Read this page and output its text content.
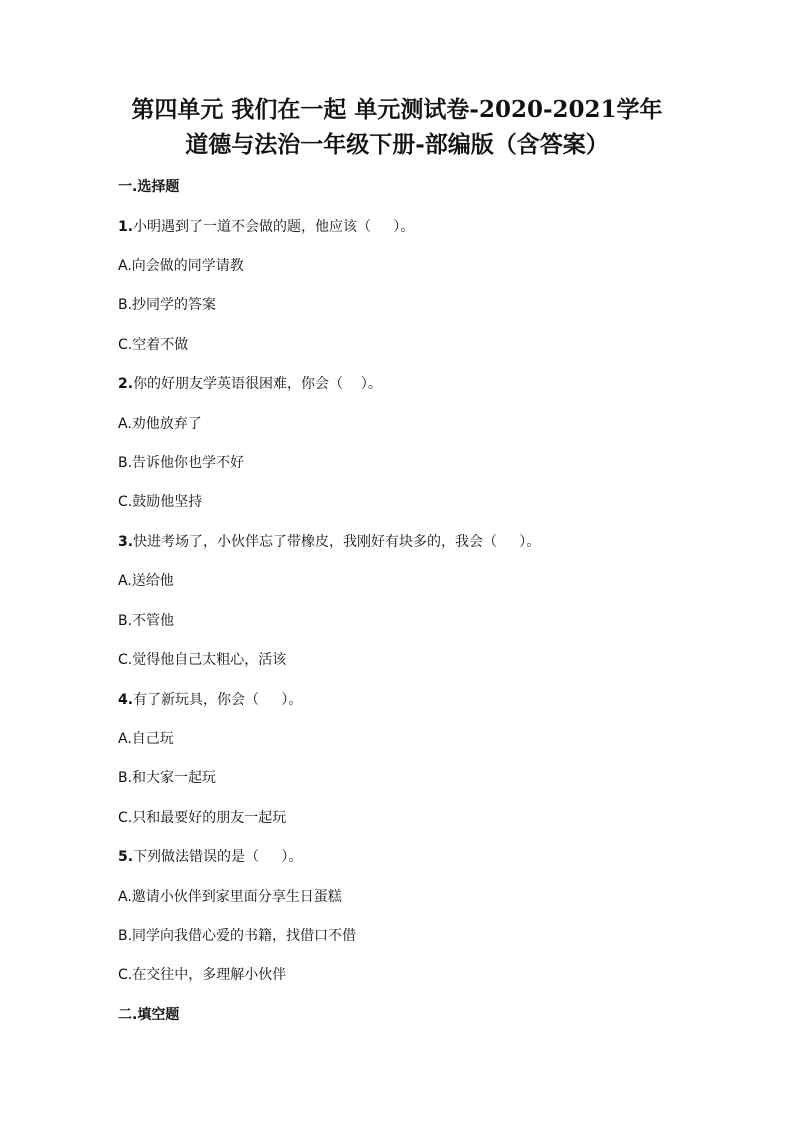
第四单元 我们在一起 单元测试卷-2020-2021学年
道德与法治一年级下册-部编版（含答案）
一.选择题
1.小明遇到了一道不会做的题，他应该（     ）。
A.向会做的同学请教
B.抄同学的答案
C.空着不做
2.你的好朋友学英语很困难，你会（    ）。
A.劝他放弃了
B.告诉他你也学不好
C.鼓励他坚持
3.快进考场了，小伙伴忘了带橡皮，我刚好有块多的，我会（     ）。
A.送给他
B.不管他
C.觉得他自己太粗心，活该
4.有了新玩具，你会（     ）。
A.自己玩
B.和大家一起玩
C.只和最要好的朋友一起玩
5.下列做法错误的是（     ）。
A.邀请小伙伴到家里面分享生日蛋糕
B.同学向我借心爱的书籍，找借口不借
C.在交往中，多理解小伙伴
二.填空题
